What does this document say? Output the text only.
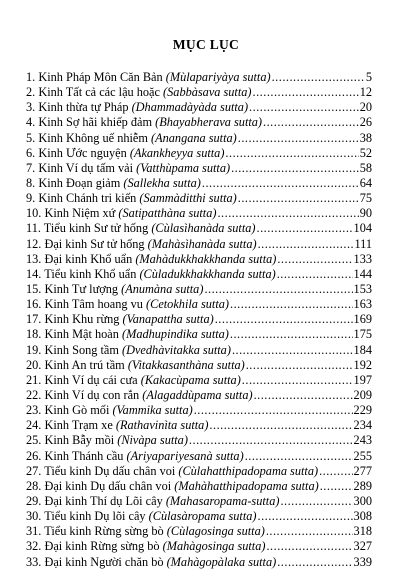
MỤC LỤC
1. Kinh Pháp Môn Căn Bản (Mùlapariyàya sutta) .....	5
2. Kinh Tất cả các lậu hoặc (Sabbàsava sutta) .....	12
3. Kinh thừa tự Pháp (Dhammadàyàda sutta) .....	20
4. Kinh Sợ hãi khiếp đảm (Bhayabherava sutta) .....	26
5. Kinh Không uế nhiễm (Anangana sutta) .....	38
6. Kinh Ước nguyện (Akankheyya sutta) .....	52
7. Kinh Ví dụ tấm vải (Vatthùpama sutta) .....	58
8. Kinh Đoạn giảm (Sallekha sutta) .....	64
9. Kinh Chánh tri kiến (Sammàditthi sutta) .....	75
10. Kinh Niệm xứ (Satipatthàna sutta) .....	90
11. Tiểu kinh Sư tử hống (Cùlasìhanàda sutta) .....	104
12. Đại kinh Sư tử hống (Mahàsìhanàda sutta) .....	111
13. Đại kinh Khổ uẩn (Mahàdukkhakkhanda sutta) .....	133
14. Tiểu kinh Khổ uẩn (Cùladukkhakkhanda sutta) .....	144
15. Kinh Tư lượng (Anumàna sutta) .....	153
16. Kinh Tâm hoang vu (Cetokhila sutta) .....	163
17. Kinh Khu rừng (Vanapattha sutta) .....	169
18. Kinh Mật hoàn (Madhupindika sutta) .....	175
19. Kinh Song tầm (Dvedhàvitakka sutta) .....	184
20. Kinh An trú tầm (Vitakkasanthàna sutta) .....	192
21. Kinh Ví dụ cái cưa (Kakacùpama sutta) .....	197
22. Kinh Ví dụ con rắn (Alagaddùpama sutta) .....	209
23. Kinh Gò mối (Vammika sutta) .....	229
24. Kinh Trạm xe (Rathavinìta sutta) .....	234
25. Kinh Bẫy mồi (Nivàpa sutta) .....	243
26. Kinh Thánh cầu (Ariyapariyesanà sutta) .....	255
27. Tiểu kinh Dụ dấu chân voi (Cùlahatthipadopama sutta) .....	277
28. Đại kinh Dụ dấu chân voi (Mahàhatthipadopama sutta) .....	289
29. Đại kinh Thí dụ Lõi cây (Mahasaropama-sutta) .....	300
30. Tiểu kinh Dụ lõi cây (Cùlasàropama sutta) .....	308
31. Tiểu kinh Rừng sừng bò (Cùlagosinga sutta) .....	318
32. Đại kinh Rừng sừng bò (Mahàgosinga sutta) .....	327
33. Đại kinh Người chăn bò (Mahàgopàlaka sutta) .....	339
